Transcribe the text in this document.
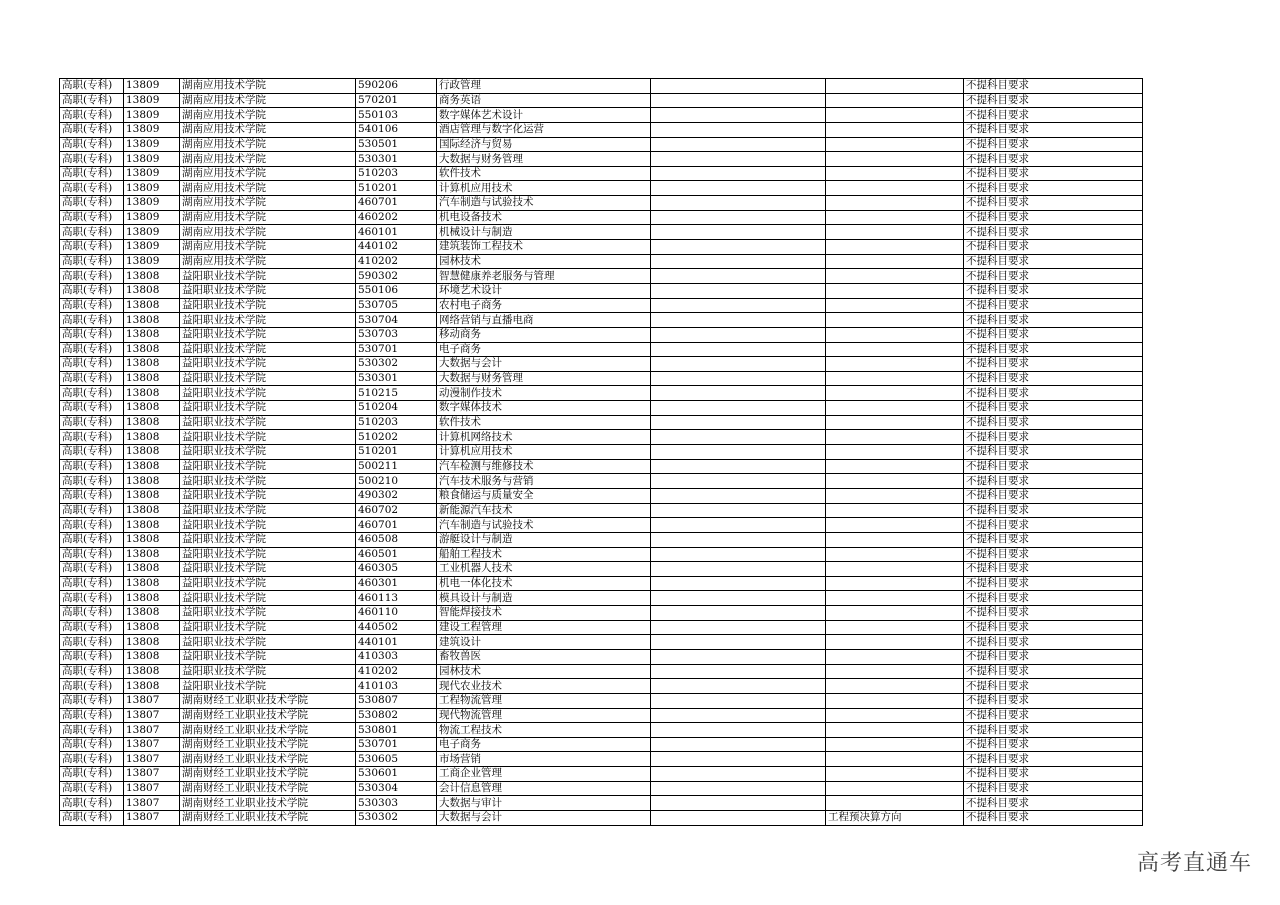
高职(专科)	13809	湖南应用技术学院	590206	行政管理			不提科目要求
高职(专科)	13809	湖南应用技术学院	570201	商务英语			不提科目要求
高职(专科)	13809	湖南应用技术学院	550103	数字媒体艺术设计			不提科目要求
高职(专科)	13809	湖南应用技术学院	540106	酒店管理与数字化运营			不提科目要求
高职(专科)	13809	湖南应用技术学院	530501	国际经济与贸易			不提科目要求
高职(专科)	13809	湖南应用技术学院	530301	大数据与财务管理			不提科目要求
高职(专科)	13809	湖南应用技术学院	510203	软件技术			不提科目要求
高职(专科)	13809	湖南应用技术学院	510201	计算机应用技术			不提科目要求
高职(专科)	13809	湖南应用技术学院	460701	汽车制造与试验技术			不提科目要求
高职(专科)	13809	湖南应用技术学院	460202	机电设备技术			不提科目要求
高职(专科)	13809	湖南应用技术学院	460101	机械设计与制造			不提科目要求
高职(专科)	13809	湖南应用技术学院	440102	建筑装饰工程技术			不提科目要求
高职(专科)	13809	湖南应用技术学院	410202	园林技术			不提科目要求
高职(专科)	13808	益阳职业技术学院	590302	智慧健康养老服务与管理			不提科目要求
高职(专科)	13808	益阳职业技术学院	550106	环境艺术设计			不提科目要求
高职(专科)	13808	益阳职业技术学院	530705	农村电子商务			不提科目要求
高职(专科)	13808	益阳职业技术学院	530704	网络营销与直播电商			不提科目要求
高职(专科)	13808	益阳职业技术学院	530703	移动商务			不提科目要求
高职(专科)	13808	益阳职业技术学院	530701	电子商务			不提科目要求
高职(专科)	13808	益阳职业技术学院	530302	大数据与会计			不提科目要求
高职(专科)	13808	益阳职业技术学院	530301	大数据与财务管理			不提科目要求
高职(专科)	13808	益阳职业技术学院	510215	动漫制作技术			不提科目要求
高职(专科)	13808	益阳职业技术学院	510204	数字媒体技术			不提科目要求
高职(专科)	13808	益阳职业技术学院	510203	软件技术			不提科目要求
高职(专科)	13808	益阳职业技术学院	510202	计算机网络技术			不提科目要求
高职(专科)	13808	益阳职业技术学院	510201	计算机应用技术			不提科目要求
高职(专科)	13808	益阳职业技术学院	500211	汽车检测与维修技术			不提科目要求
高职(专科)	13808	益阳职业技术学院	500210	汽车技术服务与营销			不提科目要求
高职(专科)	13808	益阳职业技术学院	490302	粮食储运与质量安全			不提科目要求
高职(专科)	13808	益阳职业技术学院	460702	新能源汽车技术			不提科目要求
高职(专科)	13808	益阳职业技术学院	460701	汽车制造与试验技术			不提科目要求
高职(专科)	13808	益阳职业技术学院	460508	游艇设计与制造			不提科目要求
高职(专科)	13808	益阳职业技术学院	460501	船舶工程技术			不提科目要求
高职(专科)	13808	益阳职业技术学院	460305	工业机器人技术			不提科目要求
高职(专科)	13808	益阳职业技术学院	460301	机电一体化技术			不提科目要求
高职(专科)	13808	益阳职业技术学院	460113	模具设计与制造			不提科目要求
高职(专科)	13808	益阳职业技术学院	460110	智能焊接技术			不提科目要求
高职(专科)	13808	益阳职业技术学院	440502	建设工程管理			不提科目要求
高职(专科)	13808	益阳职业技术学院	440101	建筑设计			不提科目要求
高职(专科)	13808	益阳职业技术学院	410303	畜牧兽医			不提科目要求
高职(专科)	13808	益阳职业技术学院	410202	园林技术			不提科目要求
高职(专科)	13808	益阳职业技术学院	410103	现代农业技术			不提科目要求
高职(专科)	13807	湖南财经工业职业技术学院	530807	工程物流管理			不提科目要求
高职(专科)	13807	湖南财经工业职业技术学院	530802	现代物流管理			不提科目要求
高职(专科)	13807	湖南财经工业职业技术学院	530801	物流工程技术			不提科目要求
高职(专科)	13807	湖南财经工业职业技术学院	530701	电子商务			不提科目要求
高职(专科)	13807	湖南财经工业职业技术学院	530605	市场营销			不提科目要求
高职(专科)	13807	湖南财经工业职业技术学院	530601	工商企业管理			不提科目要求
高职(专科)	13807	湖南财经工业职业技术学院	530304	会计信息管理			不提科目要求
高职(专科)	13807	湖南财经工业职业技术学院	530303	大数据与审计			不提科目要求
高职(专科)	13807	湖南财经工业职业技术学院	530302	大数据与会计		工程预决算方向	不提科目要求
高考直通车
